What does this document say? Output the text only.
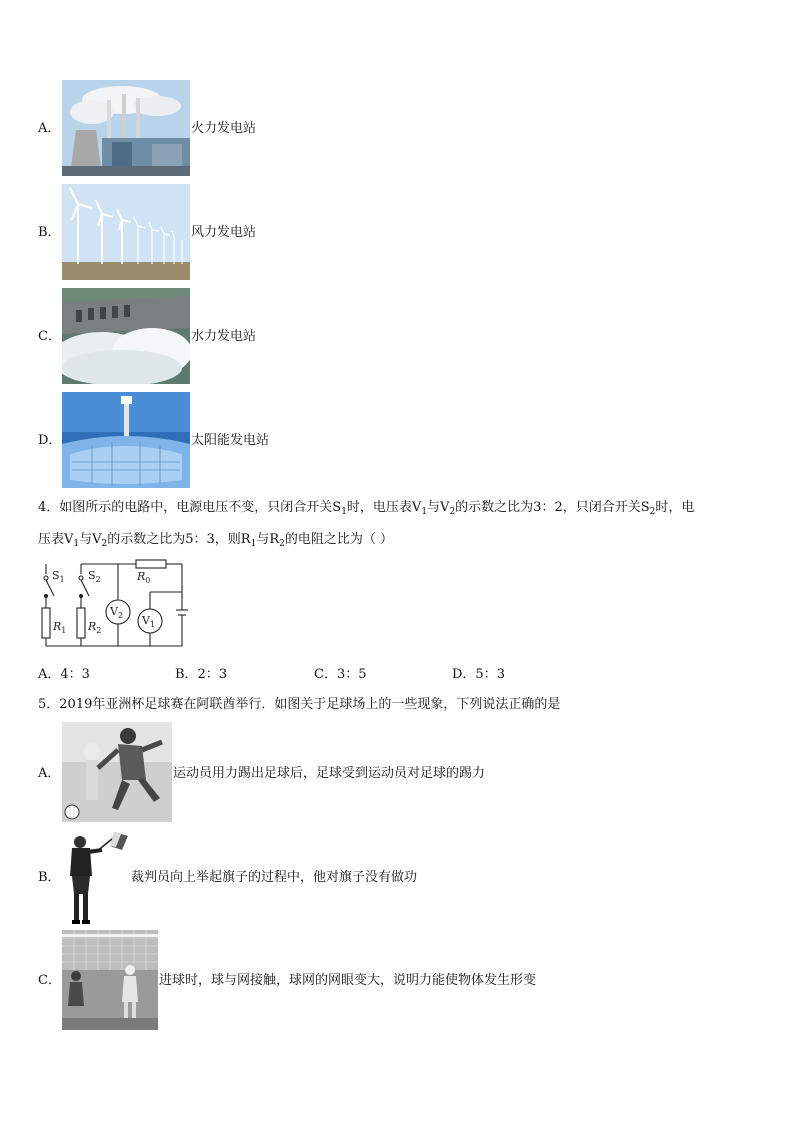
A．	火力发电站
B．	风力发电站
C．	水力发电站
D．	太阳能发电站
4．如图所示的电路中，电源电压不变，只闭合开关$S_1$时，电压表$V_1$与$V_2$的示数之比为3：2，只闭合开关$S_2$时，电
压表$V_1$与$V_2$的示数之比为5：3，则$R_1$与$R_2$的电阻之比为（ ）
$S_1$ $S_2$	$R_0$
$R_1$ $R_2$
$V_2$ $V_1$
A．4：3	B．2：3	C．3：5	D．5：3
5．2019年亚洲杯足球赛在阿联酋举行．如图关于足球场上的一些现象，下列说法正确的是
A．	运动员用力踢出足球后，足球受到运动员对足球的踢力
B．	裁判员向上举起旗子的过程中，他对旗子没有做功
C．	进球时，球与网接触，球网的网眼变大，说明力能使物体发生形变
